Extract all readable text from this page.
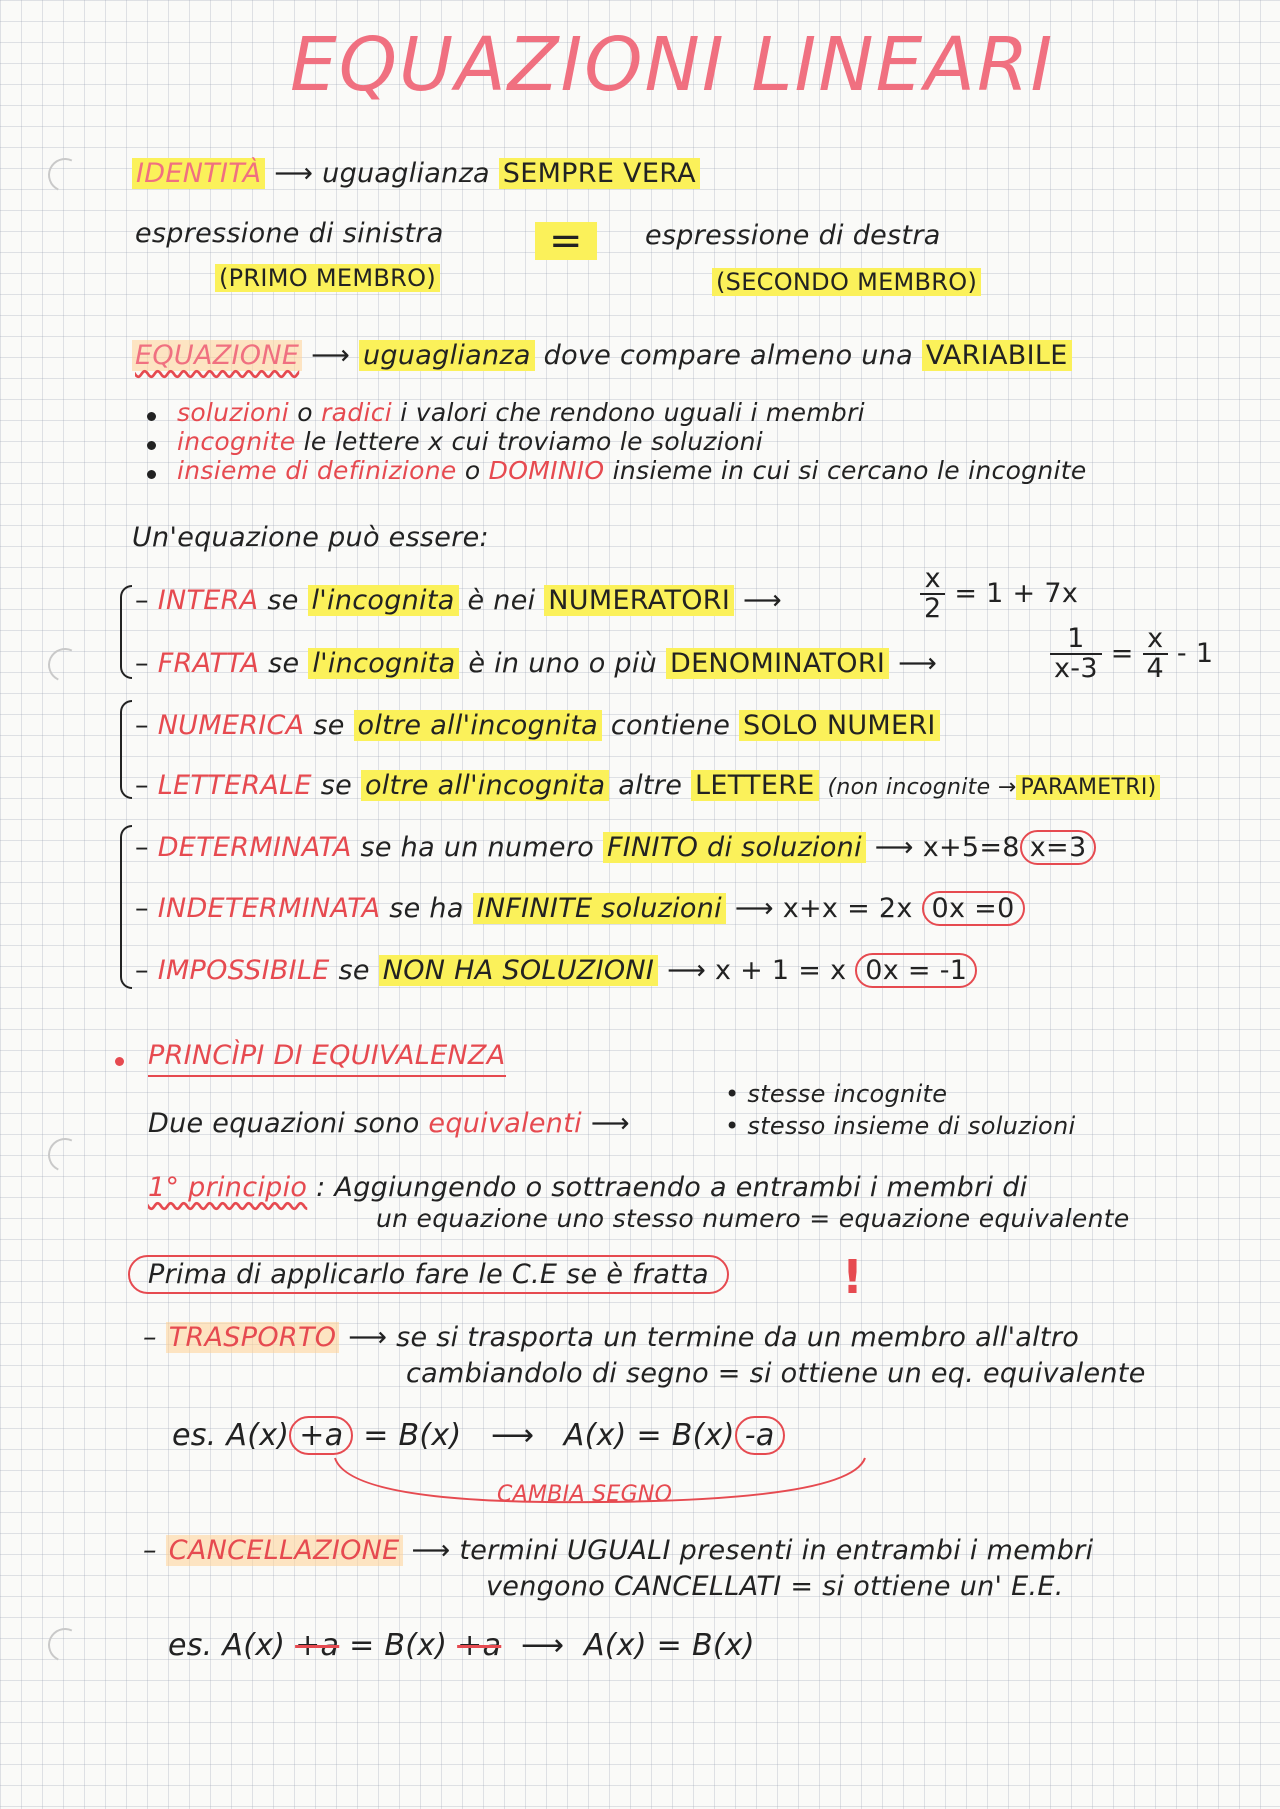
EQUAZIONI LINEARI
IDENTITÀ ⟶ uguaglianza SEMPRE VERA
espressione di sinistra	=	espressione di destra
(PRIMO MEMBRO)	(SECONDO MEMBRO)
EQUAZIONE ⟶ uguaglianza dove compare almeno una VARIABILE
soluzioni o radici i valori che rendono uguali i membri
incognite le lettere x cui troviamo le soluzioni
insieme di definizione o DOMINIO insieme in cui si cercano le incognite
Un'equazione può essere:
– INTERA se l'incognita è nei NUMERATORI ⟶	$\frac{x}{2} = 1 + 7x$
– FRATTA se l'incognita è in uno o più DENOMINATORI ⟶	$\frac{1}{x-3} = \frac{x}{4} - 1$
– NUMERICA se oltre all'incognita contiene SOLO NUMERI
– LETTERALE se oltre all'incognita altre LETTERE (non incognite → PARAMETRI)
– DETERMINATA se ha un numero FINITO di soluzioni ⟶ x+5=8 x=3
– INDETERMINATA se ha INFINITE soluzioni ⟶ x+x = 2x 0x =0
– IMPOSSIBILE se NON HA SOLUZIONI ⟶ x + 1 = x 0x = -1
PRINCÌPI DI EQUIVALENZA
Due equazioni sono equivalenti ⟶
• stesse incognite
• stesso insieme di soluzioni
1° principio : Aggiungendo o sottraendo a entrambi i membri di
un equazione uno stesso numero = equazione equivalente
Prima di applicarlo fare le C.E se è fratta	!
– TRASPORTO ⟶ se si trasporta un termine da un membro all'altro
cambiandolo di segno = si ottiene un eq. equivalente
es. A(x) +a = B(x) ⟶ A(x) = B(x) -a
CAMBIA SEGNO
– CANCELLAZIONE ⟶ termini UGUALI presenti in entrambi i membri
vengono CANCELLATI = si ottiene un' E.E.
es. A(x) +a = B(x) +a ⟶ A(x) = B(x)
